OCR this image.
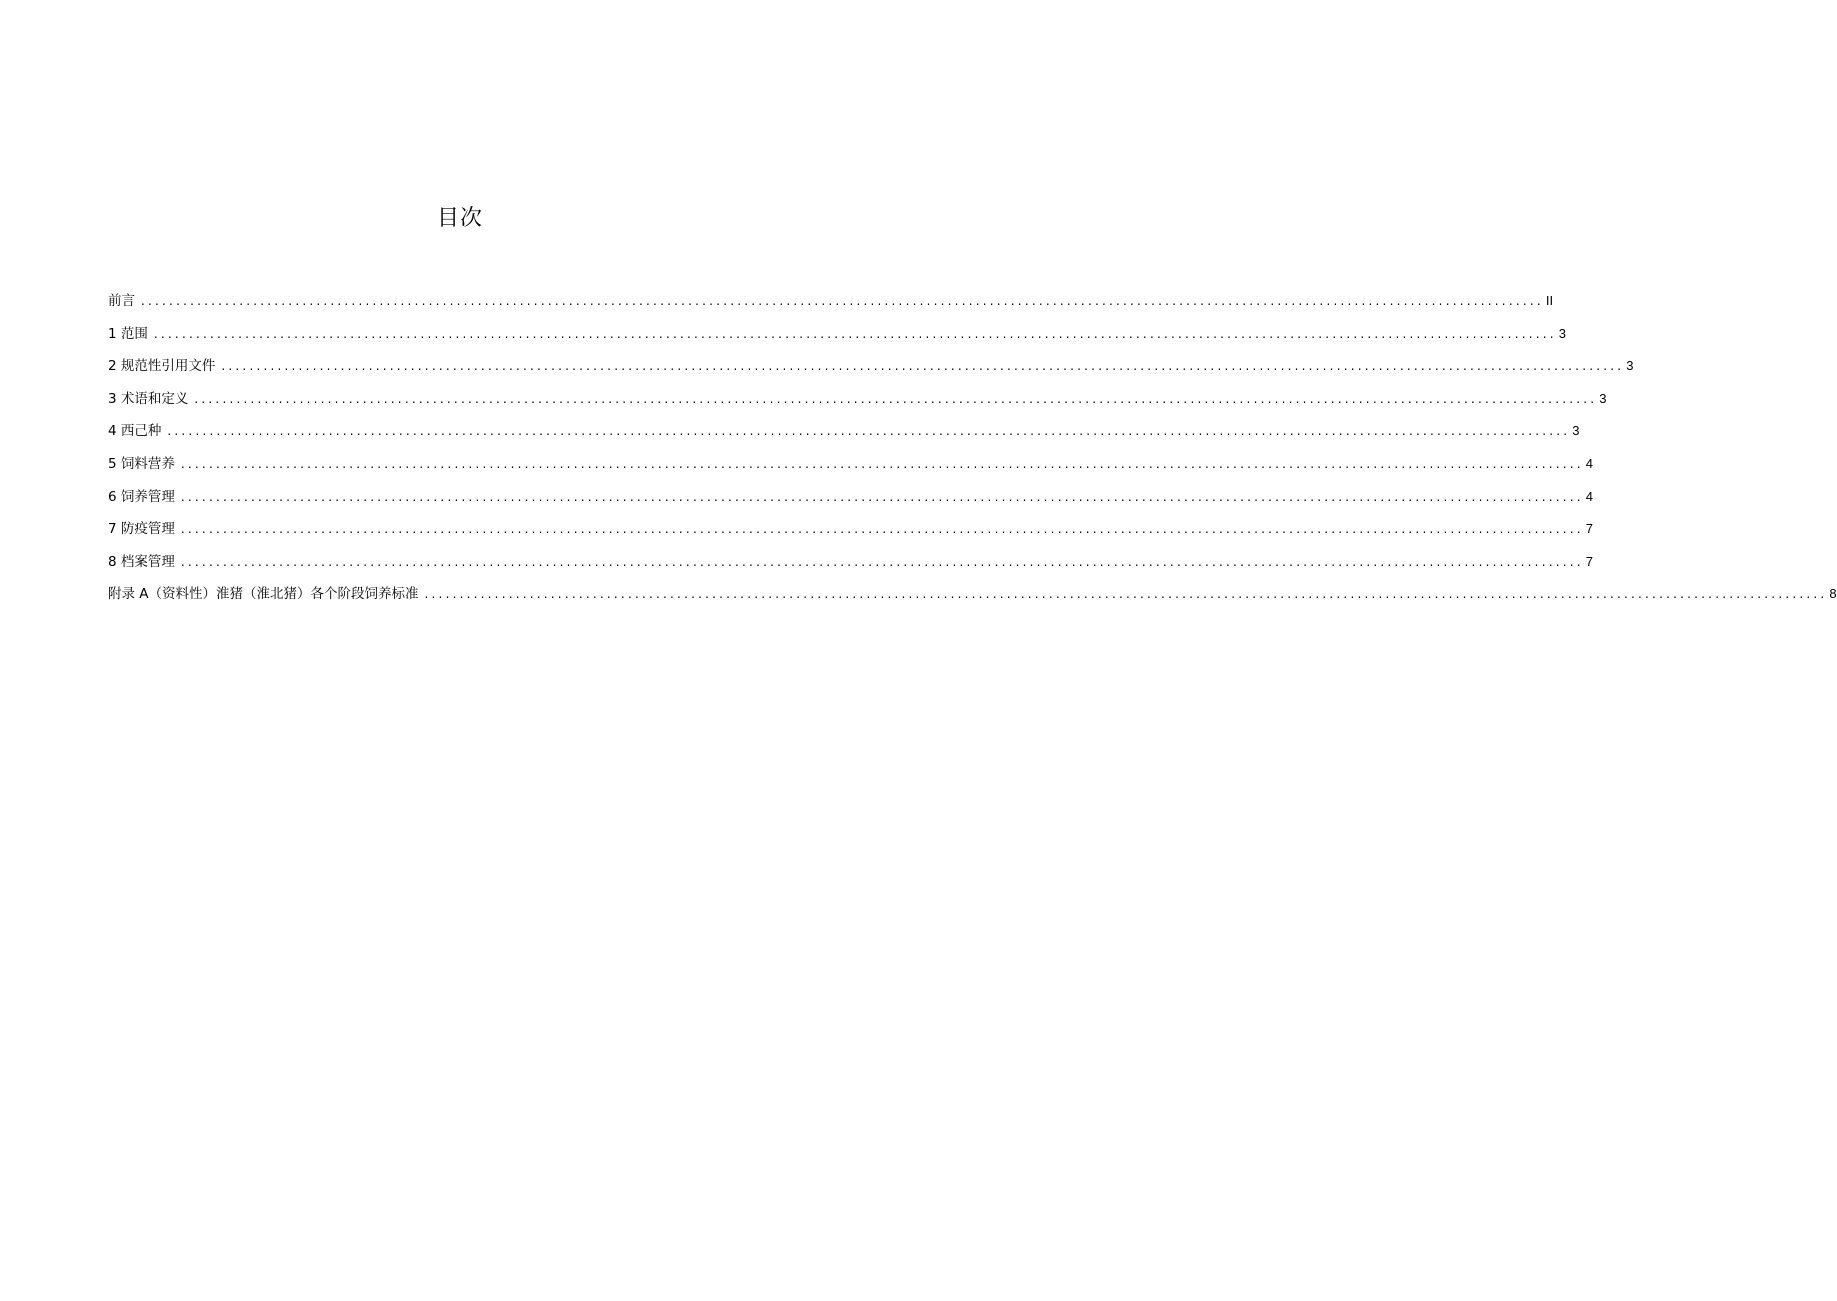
目次
前言 ........................................................................................................................................................................................................ II
1 范围 ........................................................................................................................................................................................................ 3
2 规范性引用文件 ........................................................................................................................................................................................................ 3
3 术语和定义 ........................................................................................................................................................................................................ 3
4 西己种 ........................................................................................................................................................................................................ 3
5 饲料营养 ........................................................................................................................................................................................................ 4
6 饲养管理 ........................................................................................................................................................................................................ 4
7 防疫管理 ........................................................................................................................................................................................................ 7
8 档案管理 ........................................................................................................................................................................................................ 7
附录 A（资料性）淮猪（淮北猪）各个阶段饲养标准 ........................................................................................................................................................................................................ 8
